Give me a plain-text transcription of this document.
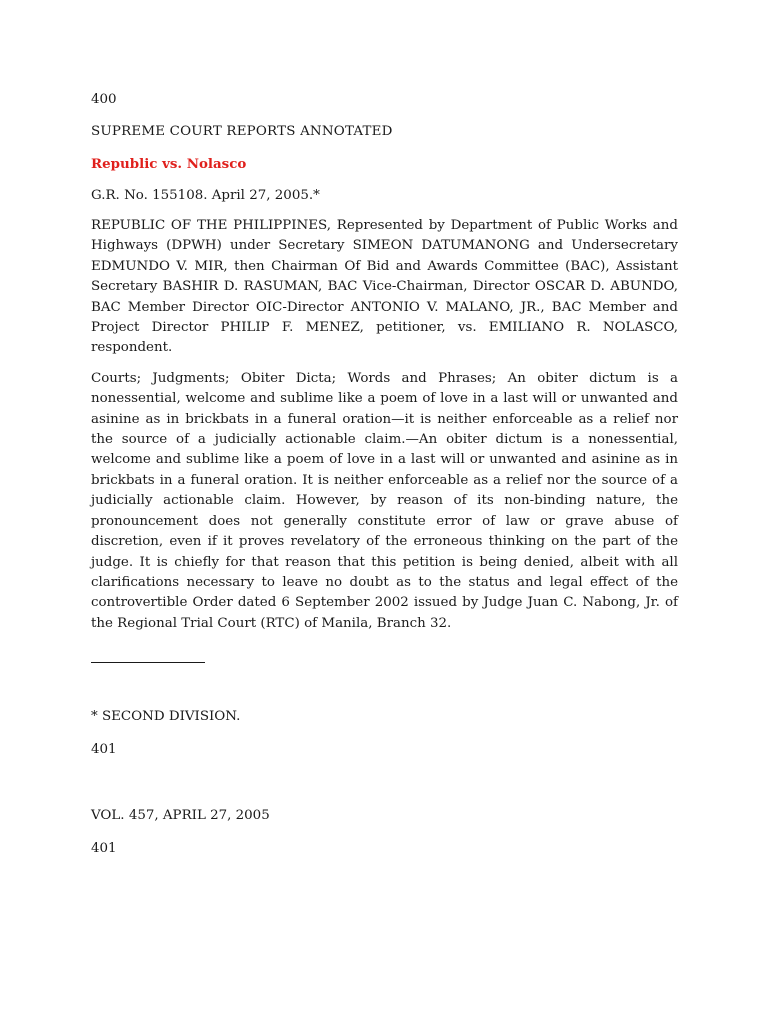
400

SUPREME COURT REPORTS ANNOTATED

Republic vs. Nolasco

G.R. No. 155108. April 27, 2005.*

REPUBLIC OF THE PHILIPPINES, Represented by Department of Public Works and Highways (DPWH) under Secretary SIMEON DATUMANONG and Undersecretary EDMUNDO V. MIR, then Chairman Of Bid and Awards Committee (BAC), Assistant Secretary BASHIR D. RASUMAN, BAC Vice-Chairman, Director OSCAR D. ABUNDO, BAC Member Director OIC-Director ANTONIO V. MALANO, JR., BAC Member and Project Director PHILIP F. MENEZ, petitioner, vs. EMILIANO R. NOLASCO, respondent.

Courts; Judgments; Obiter Dicta; Words and Phrases; An obiter dictum is a nonessential, welcome and sublime like a poem of love in a last will or unwanted and asinine as in brickbats in a funeral oration—it is neither enforceable as a relief nor the source of a judicially actionable claim.—An obiter dictum is a nonessential, welcome and sublime like a poem of love in a last will or unwanted and asinine as in brickbats in a funeral oration. It is neither enforceable as a relief nor the source of a judicially actionable claim. However, by reason of its non-binding nature, the pronouncement does not generally constitute error of law or grave abuse of discretion, even if it proves revelatory of the erroneous thinking on the part of the judge. It is chiefly for that reason that this petition is being denied, albeit with all clarifications necessary to leave no doubt as to the status and legal effect of the controvertible Order dated 6 September 2002 issued by Judge Juan C. Nabong, Jr. of the Regional Trial Court (RTC) of Manila, Branch 32.

* SECOND DIVISION.

401

VOL. 457, APRIL 27, 2005

401
